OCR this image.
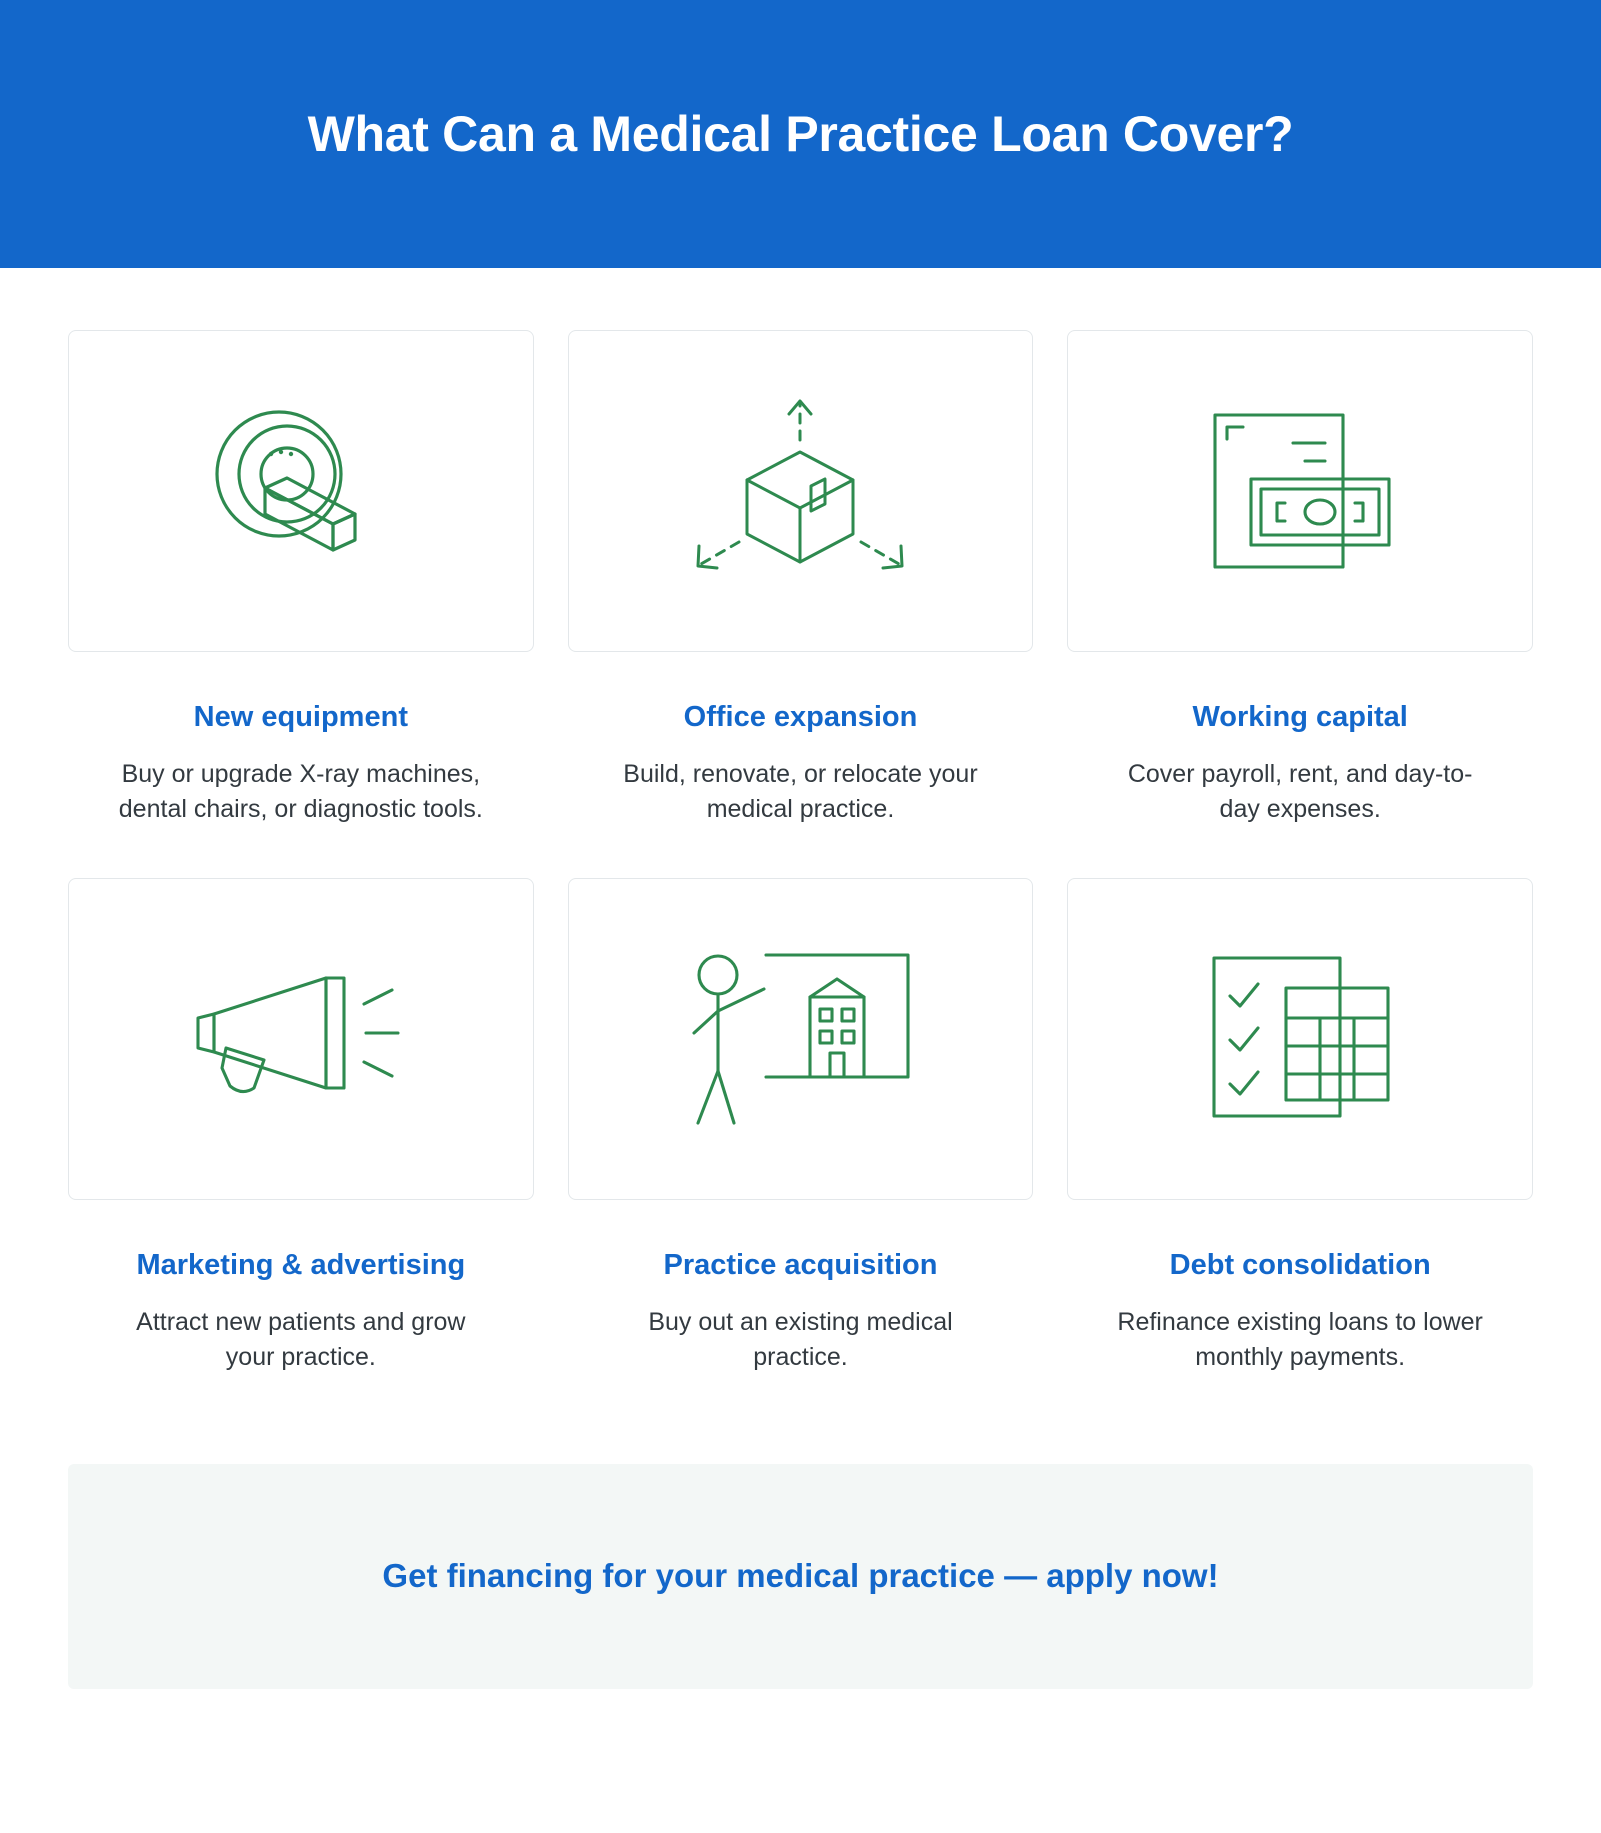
What Can a Medical Practice Loan Cover?
New equipment
Buy or upgrade X-ray machines, dental chairs, or diagnostic tools.
Office expansion
Build, renovate, or relocate your medical practice.
Working capital
Cover payroll, rent, and day-to-day expenses.
Marketing & advertising
Attract new patients and grow your practice.
Practice acquisition
Buy out an existing medical practice.
Debt consolidation
Refinance existing loans to lower monthly payments.
Get financing for your medical practice — apply now!
